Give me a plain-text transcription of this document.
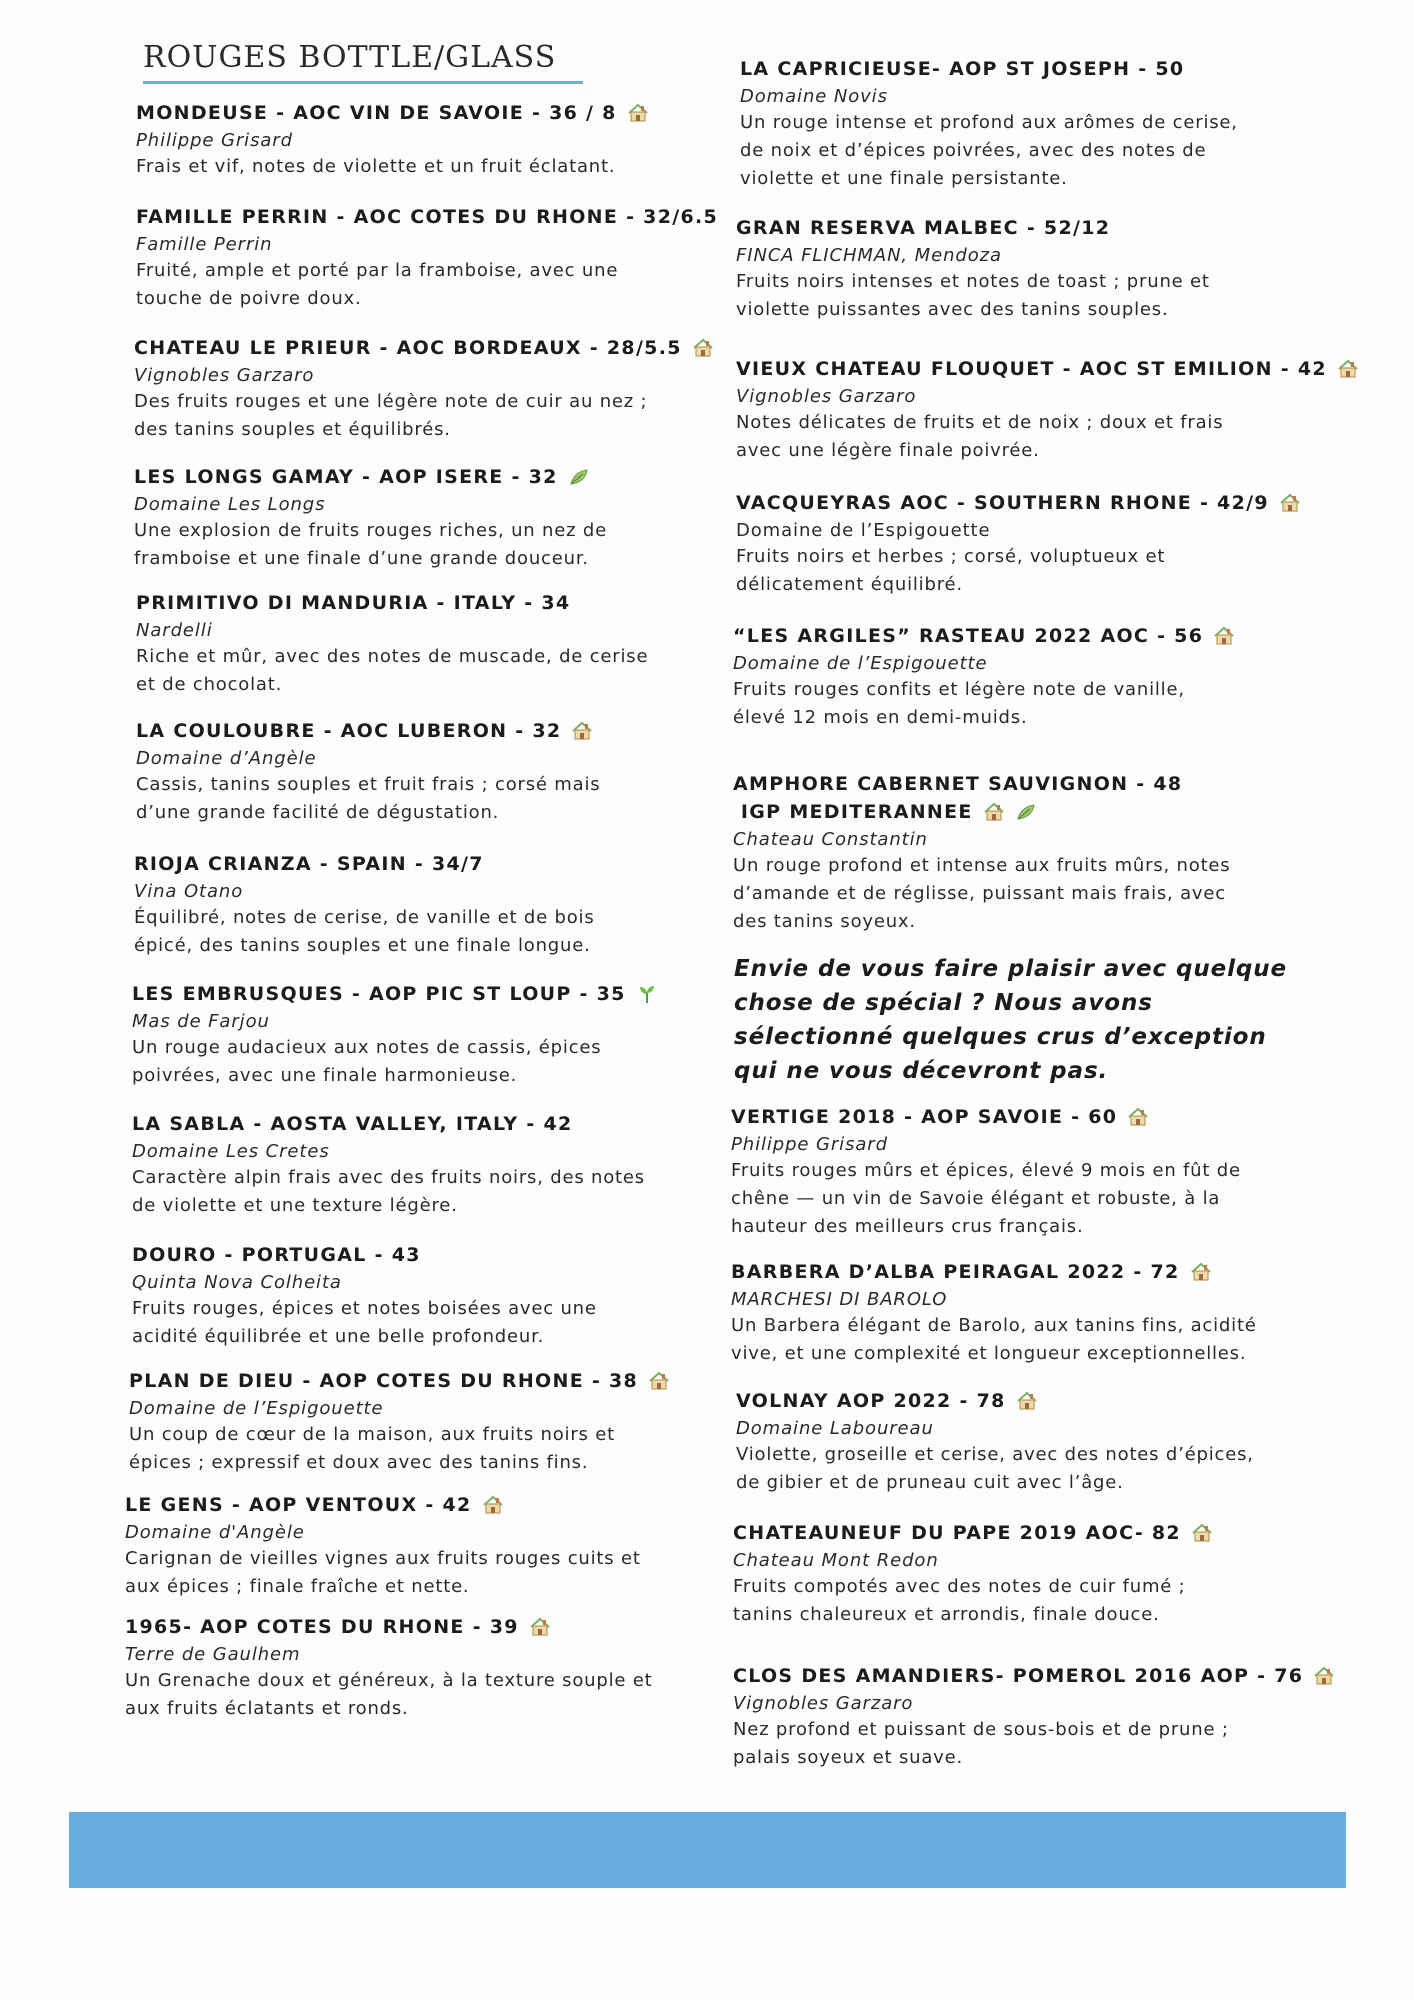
ROUGES BOTTLE/GLASS
MONDEUSE - AOC VIN DE SAVOIE - 36 / 8
Philippe Grisard
Frais et vif, notes de violette et un fruit éclatant.
FAMILLE PERRIN - AOC COTES DU RHONE - 32/6.5
Famille Perrin
Fruité, ample et porté par la framboise, avec une touche de poivre doux.
CHATEAU LE PRIEUR - AOC BORDEAUX - 28/5.5
Vignobles Garzaro
Des fruits rouges et une légère note de cuir au nez ; des tanins souples et équilibrés.
LES LONGS GAMAY - AOP ISERE - 32
Domaine Les Longs
Une explosion de fruits rouges riches, un nez de framboise et une finale d’une grande douceur.
PRIMITIVO DI MANDURIA - ITALY - 34
Nardelli
Riche et mûr, avec des notes de muscade, de cerise et de chocolat.
LA COULOUBRE - AOC LUBERON - 32
Domaine d’Angèle
Cassis, tanins souples et fruit frais ; corsé mais d’une grande facilité de dégustation.
RIOJA CRIANZA - SPAIN - 34/7
Vina Otano
Équilibré, notes de cerise, de vanille et de bois épicé, des tanins souples et une finale longue.
LES EMBRUSQUES - AOP PIC ST LOUP - 35
Mas de Farjou
Un rouge audacieux aux notes de cassis, épices poivrées, avec une finale harmonieuse.
LA SABLA - AOSTA VALLEY, ITALY - 42
Domaine Les Cretes
Caractère alpin frais avec des fruits noirs, des notes de violette et une texture légère.
DOURO - PORTUGAL - 43
Quinta Nova Colheita
Fruits rouges, épices et notes boisées avec une acidité équilibrée et une belle profondeur.
PLAN DE DIEU - AOP COTES DU RHONE - 38
Domaine de l’Espigouette
Un coup de cœur de la maison, aux fruits noirs et épices ; expressif et doux avec des tanins fins.
LE GENS - AOP VENTOUX - 42
Domaine d'Angèle
Carignan de vieilles vignes aux fruits rouges cuits et aux épices ; finale fraîche et nette.
1965- AOP COTES DU RHONE - 39
Terre de Gaulhem
Un Grenache doux et généreux, à la texture souple et aux fruits éclatants et ronds.
LA CAPRICIEUSE- AOP ST JOSEPH - 50
Domaine Novis
Un rouge intense et profond aux arômes de cerise, de noix et d’épices poivrées, avec des notes de violette et une finale persistante.
GRAN RESERVA MALBEC - 52/12
FINCA FLICHMAN, Mendoza
Fruits noirs intenses et notes de toast ; prune et violette puissantes avec des tanins souples.
VIEUX CHATEAU FLOUQUET - AOC ST EMILION - 42
Vignobles Garzaro
Notes délicates de fruits et de noix ; doux et frais avec une légère finale poivrée.
VACQUEYRAS AOC - SOUTHERN RHONE - 42/9
Domaine de l’Espigouette
Fruits noirs et herbes ; corsé, voluptueux et délicatement équilibré.
“LES ARGILES” RASTEAU 2022 AOC - 56
Domaine de l’Espigouette
Fruits rouges confits et légère note de vanille, élevé 12 mois en demi-muids.
AMPHORE CABERNET SAUVIGNON - 48
IGP MEDITERANNEE
Chateau Constantin
Un rouge profond et intense aux fruits mûrs, notes d’amande et de réglisse, puissant mais frais, avec des tanins soyeux.
VERTIGE 2018 - AOP SAVOIE - 60
Philippe Grisard
Fruits rouges mûrs et épices, élevé 9 mois en fût de chêne — un vin de Savoie élégant et robuste, à la hauteur des meilleurs crus français.
BARBERA D’ALBA PEIRAGAL 2022 - 72
MARCHESI DI BAROLO
Un Barbera élégant de Barolo, aux tanins fins, acidité vive, et une complexité et longueur exceptionnelles.
VOLNAY AOP 2022 - 78
Domaine Laboureau
Violette, groseille et cerise, avec des notes d’épices, de gibier et de pruneau cuit avec l’âge.
CHATEAUNEUF DU PAPE 2019 AOC- 82
Chateau Mont Redon
Fruits compotés avec des notes de cuir fumé ; tanins chaleureux et arrondis, finale douce.
CLOS DES AMANDIERS- POMEROL 2016 AOP - 76
Vignobles Garzaro
Nez profond et puissant de sous-bois et de prune ; palais soyeux et suave.
Envie de vous faire plaisir avec quelque chose de spécial ? Nous avons sélectionné quelques crus d’exception qui ne vous décevront pas.
